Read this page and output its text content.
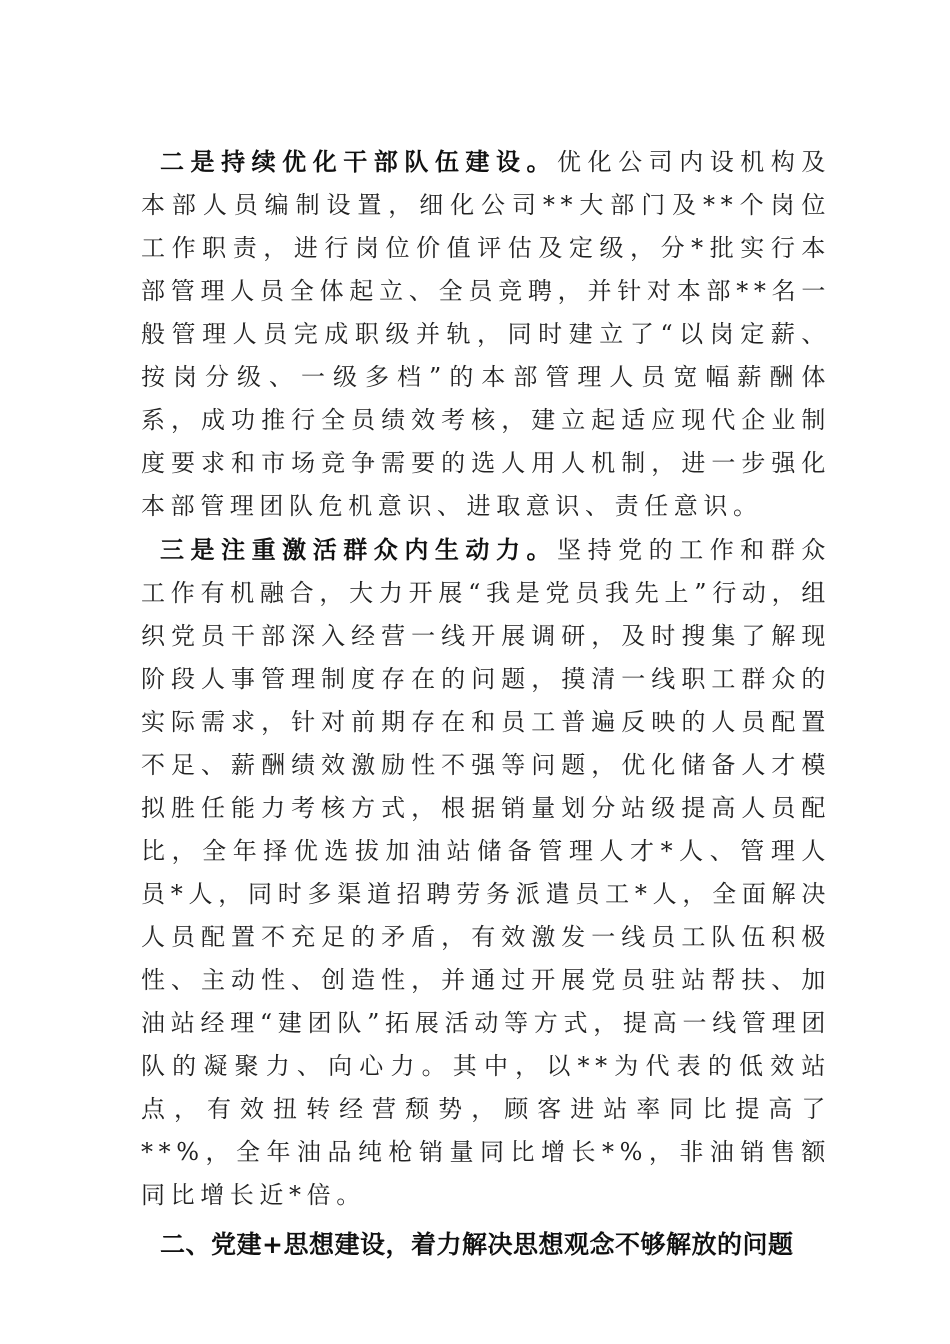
二是持续优化干部队伍建设。优化公司内设机构及本部人员编制设置，细化公司**大部门及**个岗位工作职责，进行岗位价值评估及定级，分*批实行本部管理人员全体起立、全员竞聘，并针对本部**名一般管理人员完成职级并轨，同时建立了“以岗定薪、按岗分级、一级多档”的本部管理人员宽幅薪酬体系，成功推行全员绩效考核，建立起适应现代企业制度要求和市场竞争需要的选人用人机制，进一步强化本部管理团队危机意识、进取意识、责任意识。

三是注重激活群众内生动力。坚持党的工作和群众工作有机融合，大力开展“我是党员我先上”行动，组织党员干部深入经营一线开展调研，及时搜集了解现阶段人事管理制度存在的问题，摸清一线职工群众的实际需求，针对前期存在和员工普遍反映的人员配置不足、薪酬绩效激励性不强等问题，优化储备人才模拟胜任能力考核方式，根据销量划分站级提高人员配比，全年择优选拔加油站储备管理人才*人、管理人员*人，同时多渠道招聘劳务派遣员工*人，全面解决人员配置不充足的矛盾，有效激发一线员工队伍积极性、主动性、创造性，并通过开展党员驻站帮扶、加油站经理“建团队”拓展活动等方式，提高一线管理团队的凝聚力、向心力。其中，以**为代表的低效站点，有效扭转经营颓势，顾客进站率同比提高了**%，全年油品纯枪销量同比增长*%，非油销售额同比增长近*倍。

二、党建+思想建设，着力解决思想观念不够解放的问题
